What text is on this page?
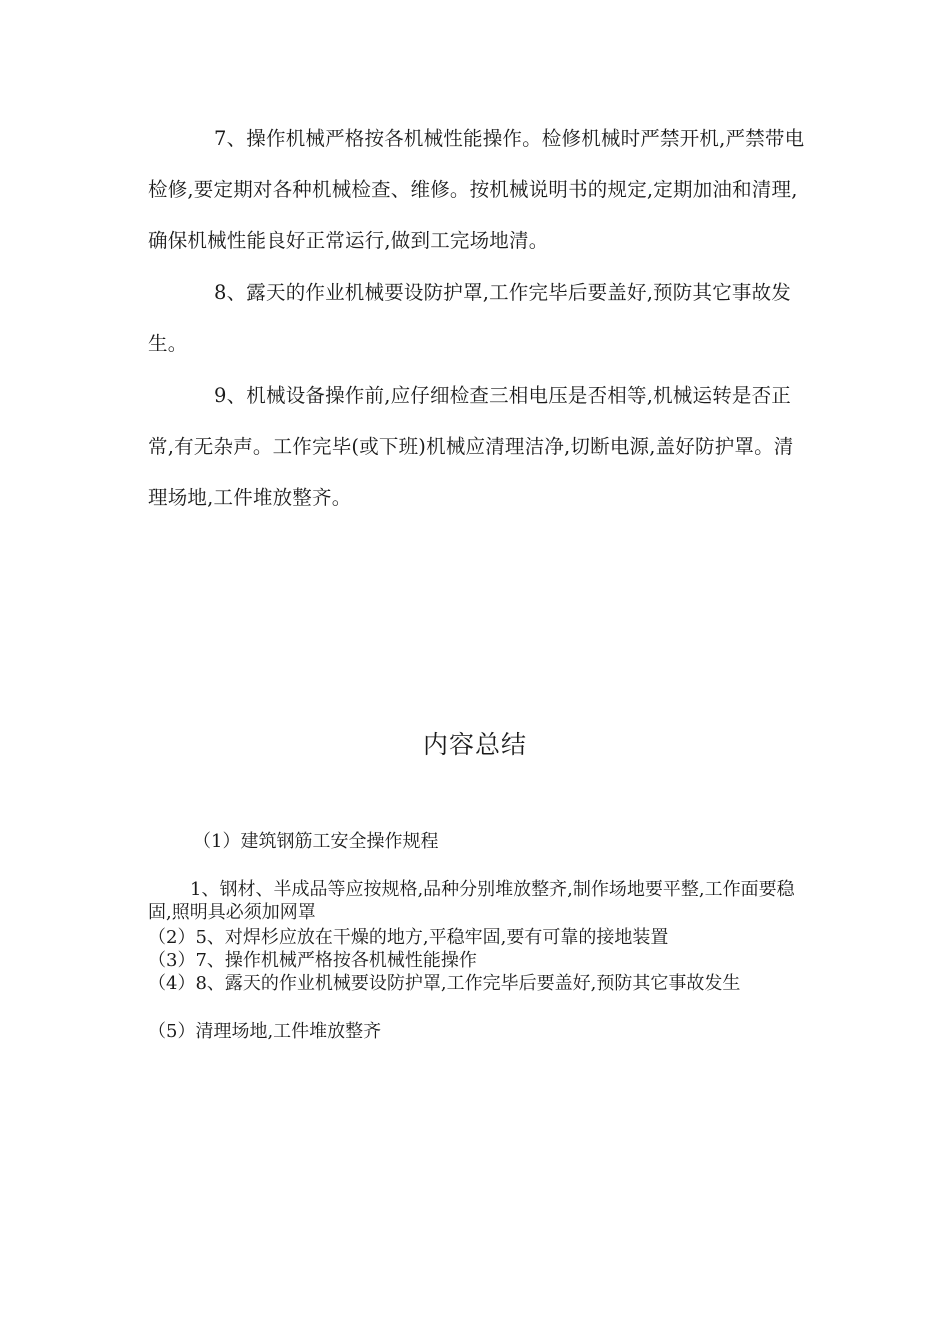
7、操作机械严格按各机械性能操作。检修机械时严禁开机,严禁带电检修,要定期对各种机械检查、维修。按机械说明书的规定,定期加油和清理,确保机械性能良好正常运行,做到工完场地清。

8、露天的作业机械要设防护罩,工作完毕后要盖好,预防其它事故发生。

9、机械设备操作前,应仔细检查三相电压是否相等,机械运转是否正常,有无杂声。工作完毕(或下班)机械应清理洁净,切断电源,盖好防护罩。清理场地,工件堆放整齐。

内容总结

（1）建筑钢筋工安全操作规程

1、钢材、半成品等应按规格,品种分别堆放整齐,制作场地要平整,工作面要稳固,照明具必须加网罩

（2）5、对焊杉应放在干燥的地方,平稳牢固,要有可靠的接地装置

（3）7、操作机械严格按各机械性能操作

（4）8、露天的作业机械要设防护罩,工作完毕后要盖好,预防其它事故发生

（5）清理场地,工件堆放整齐
